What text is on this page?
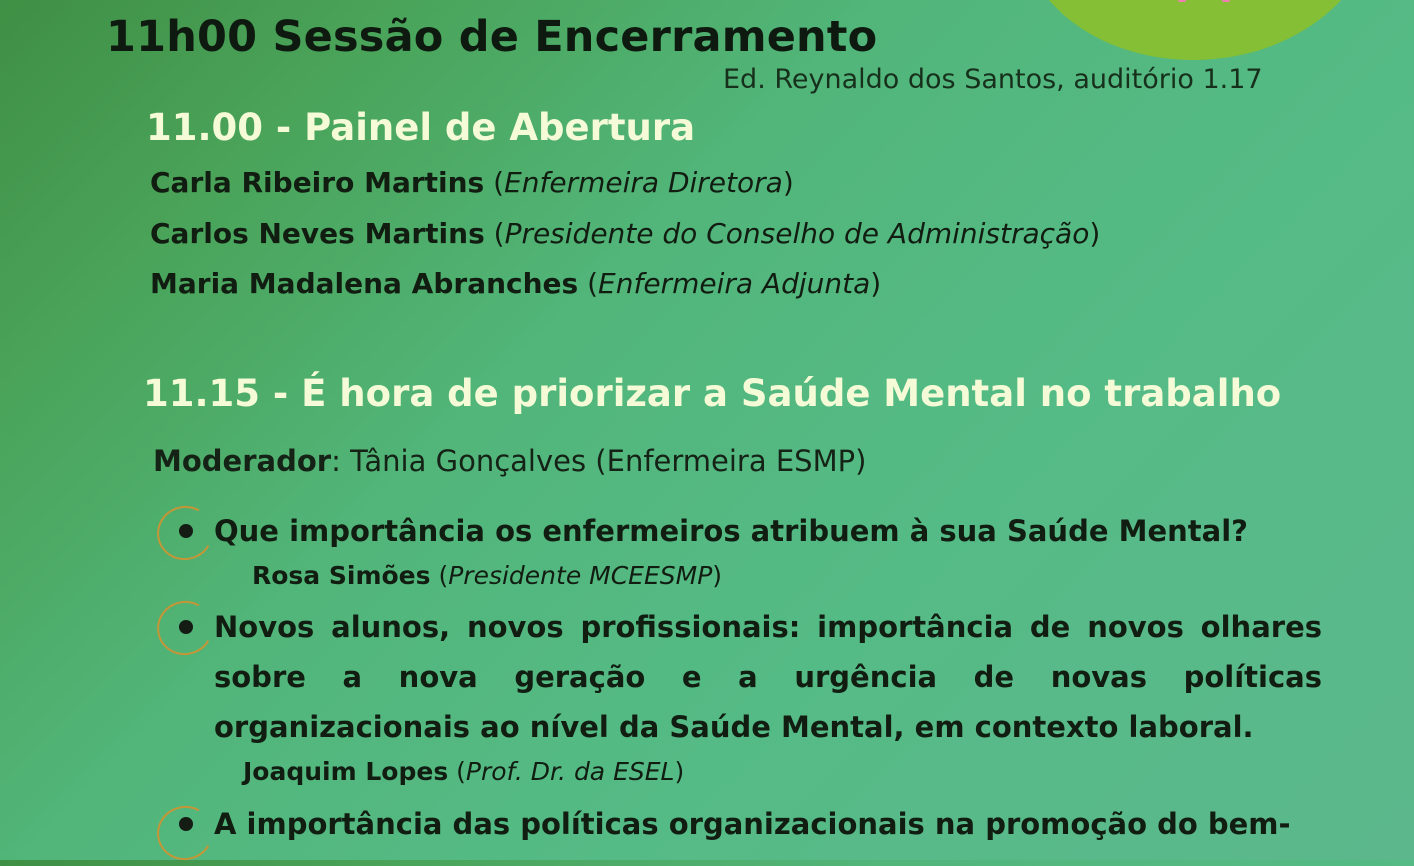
11h00 Sessão de Encerramento
Ed. Reynaldo dos Santos, auditório 1.17
11.00 - Painel de Abertura
Carla Ribeiro Martins (Enfermeira Diretora)
Carlos Neves Martins (Presidente do Conselho de Administração)
Maria Madalena Abranches (Enfermeira Adjunta)
11.15 - É hora de priorizar a Saúde Mental no trabalho
Moderador: Tânia Gonçalves (Enfermeira ESMP)
Que importância os enfermeiros atribuem à sua Saúde Mental?
Rosa Simões (Presidente MCEESMP)
Novos alunos, novos profissionais: importância de novos olhares sobre a nova geração e a urgência de novas políticas organizacionais ao nível da Saúde Mental, em contexto laboral.
Joaquim Lopes (Prof. Dr. da ESEL)
A importância das políticas organizacionais na promoção do bem-
